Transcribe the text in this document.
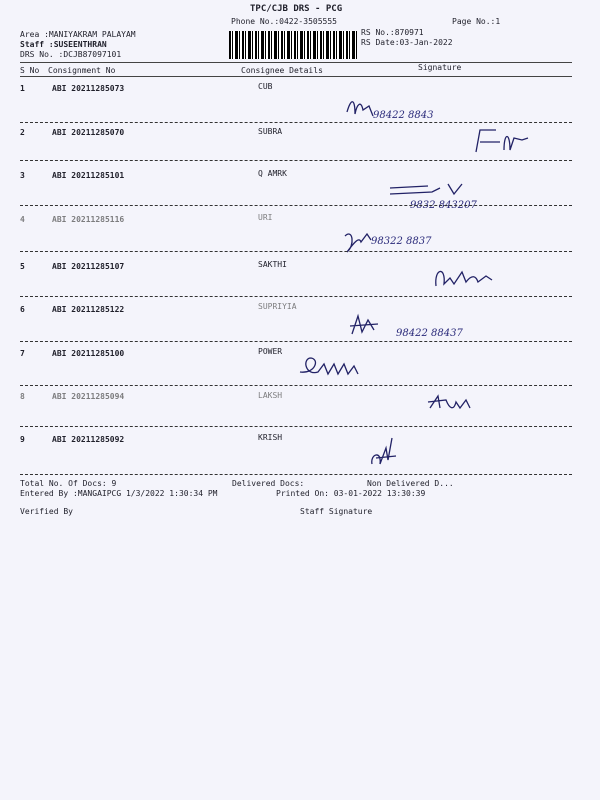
TPC/CJB DRS - PCG
Phone No.:0422-3505555	Page No.:1
Area :MANIYAKRAM PALAYAM
Staff :SUSEENTHRAN
DRS No. :DCJB87097101
RS No.:870971
RS Date:03-Jan-2022
S No Consignment No	Consignee Details	Signature
1	ABI 20211285073	CUB
98422 8843
2	ABI 20211285070	SUBRA
3	ABI 20211285101	Q AMRK
9832 843207
4	ABI 20211285116	URI
98322 8837
5	ABI 20211285107	SAKTHI
6	ABI 20211285122	SUPRIYIA
98422 88437
7	ABI 20211285100	POWER
8	ABI 20211285094	LAKSH
9	ABI 20211285092	KRISH
Total No. Of Docs: 9	Delivered Docs:	Non Delivered D...
Entered By :MANGAIPCG 1/3/2022 1:30:34 PM	Printed On: 03-01-2022 13:30:39
Verified By	Staff Signature
